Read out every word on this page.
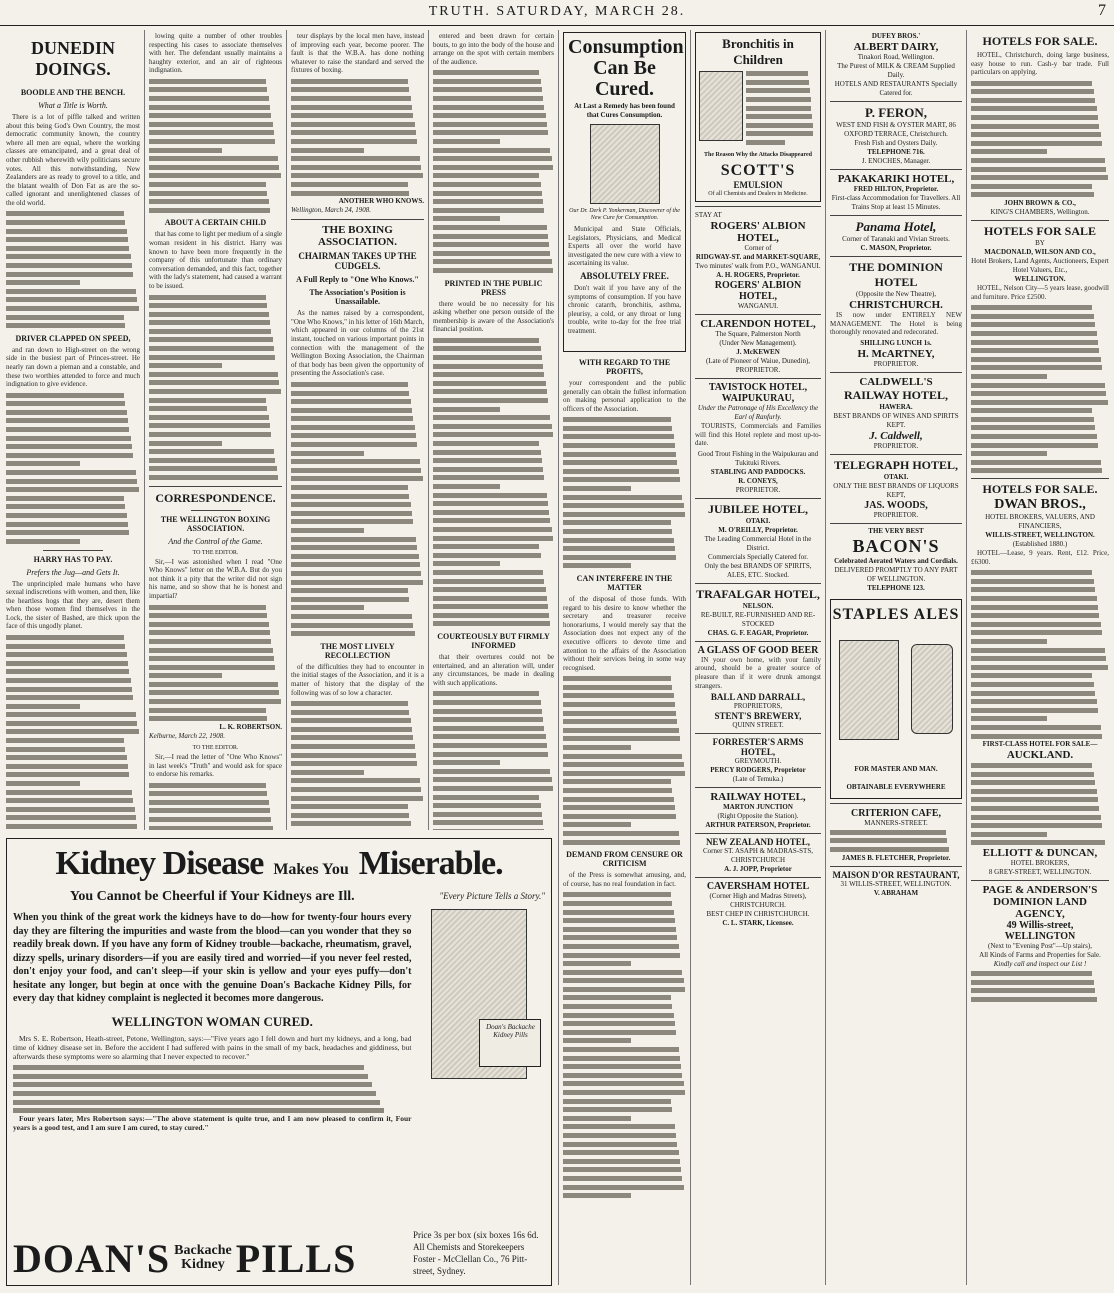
TRUTH. SATURDAY, MARCH 28.	7
DUNEDIN DOINGS.
BOODLE AND THE BENCH.
What a Title is Worth.

There is a lot of piffle talked and written about this being God's Own Country, the most democratic community known, the country where all men are equal, where the working classes are emancipated, and a great deal of other rubbish wherewith wily politicians secure votes. All this notwithstanding, New Zealanders are as ready to grovel to a title, and the blatant wealth of Don Fat as are the so-called ignorant and unenlightened classes of the old world.

DRIVER CLAPPED ON SPEED,

and ran down to High-street on the wrong side in the busiest part of Princes-street. He nearly ran down a pieman and a constable, and these two worthies attended to force and much indignation to give evidence.

HARRY HAS TO PAY.
Prefers the Jug—and Gets It.

The unprincipled male humans who have sexual indiscretions with women, and then, like the heartless hogs that they are, desert them when those women find themselves in the Lock, the sister of Bashed, are thick upon the face of this ungodly planet.

lowing quite a number of other troubles respecting his cases to associate themselves with her. The defendant usually maintains a haughty exterior, and an air of righteous indignation.

ABOUT A CERTAIN CHILD

that has come to light per medium of a single woman resident in his district. Harry was known to have been more frequently in the company of this unfortunate than ordinary conversation demanded, and this fact, together with the lady's statement, had caused a warrant to be issued.

CORRESPONDENCE.
THE WELLINGTON BOXING ASSOCIATION.
And the Control of the Game.
TO THE EDITOR.

Sir,—I was astonished when I read "One Who Knows" letter on the W.B.A. But do you not think it a pity that the writer did not sign his name, and so show that he is honest and impartial?

L. K. ROBERTSON.
Kelburne, March 22, 1908.
TO THE EDITOR.

Sir,—I read the letter of "One Who Knows" in last week's "Truth" and would ask for space to endorse his remarks.

teur displays by the local men have, instead of improving each year, become poorer. The fault is that the W.B.A. has done nothing whatever to raise the standard and served the fixtures of boxing.

ANOTHER WHO KNOWS.
Wellington, March 24, 1908.
THE BOXING ASSOCIATION.
CHAIRMAN TAKES UP THE CUDGELS.
A Full Reply to "One Who Knows."
The Association's Position is Unassailable.

As the names raised by a correspondent, "One Who Knows," in his letter of 16th March, which appeared in our columns of the 21st instant, touched on various important points in connection with the management of the Wellington Boxing Association, the Chairman of that body has been given the opportunity of presenting the Association's case.

THE MOST LIVELY RECOLLECTION

of the difficulties they had to encounter in the initial stages of the Association, and it is a matter of history that the display of the following was of so low a character.

entered and been drawn for certain bouts, to go into the body of the house and arrange on the spot with certain members of the audience.

PRINTED IN THE PUBLIC PRESS

there would be no necessity for his asking whether one person outside of the membership is aware of the Association's financial position.

COURTEOUSLY BUT FIRMLY INFORMED

that their overtures could not be entertained, and an alteration will, under any circumstances, be made in dealing with such applications.

Consumption
Can Be Cured.
At Last a Remedy has been found that Cures Consumption.
Our Dr. Derk P. Yonkerman, Discoverer of the New Cure for Consumption.

Municipal and State Officials, Legislators, Physicians, and Medical Experts all over the world have investigated the new cure with a view to ascertaining its value.

ABSOLUTELY FREE.

Don't wait if you have any of the symptoms of consumption. If you have chronic catarrh, bronchitis, asthma, pleurisy, a cold, or any throat or lung trouble, write to-day for the free trial treatment.

WITH REGARD TO THE PROFITS,

your correspondent and the public generally can obtain the fullest information on making personal application to the officers of the Association.

CAN INTERFERE IN THE MATTER

of the disposal of those funds. With regard to his desire to know whether the secretary and treasurer receive honorariums, I would merely say that the Association does not expect any of the executive officers to devote time and attention to the affairs of the Association without their services being in some way recognised.

DEMAND FROM CENSURE OR CRITICISM

of the Press is somewhat amusing, and, of course, has no real foundation in fact.

Bronchitis in
Children
The Reason Why the Attacks Disappeared
SCOTT'S
EMULSION
Of all Chemists and Dealers in Medicine.
STAY AT
ROGERS' ALBION HOTEL,
Corner of
RIDGWAY-ST. and MARKET-SQUARE,
Two minutes' walk from P.O., WANGANUI.
A. H. ROGERS, Proprietor.
ROGERS' ALBION HOTEL,
WANGANUI.
CLARENDON HOTEL,
The Square, Palmerston North
(Under New Management).
J. McKEWEN
(Late of Pioneer of Waiue, Dunedin), PROPRIETOR.
TAVISTOCK HOTEL,
WAIPUKURAU,
Under the Patronage of His Excellency the Earl of Ranfurly.

TOURISTS, Commercials and Families will find this Hotel replete and most up-to-date.

Good Trout Fishing in the Waipukurau and Tukituki Rivers.
STABLING AND PADDOCKS.
R. CONEYS,
PROPRIETOR.
JUBILEE HOTEL,
OTAKI.
M. O'REILLY, Proprietor.
The Leading Commercial Hotel in the District.
Commercials Specially Catered for.
Only the best BRANDS OF SPIRITS, ALES, ETC. Stocked.
TRAFALGAR HOTEL,
NELSON.
RE-BUILT, RE-FURNISHED AND RE-STOCKED
CHAS. G. F. EAGAR, Proprietor.
A GLASS OF GOOD BEER

IN your own home, with your family around, should be a greater source of pleasure than if it were drunk amongst strangers.

BALL AND DARRALL,
PROPRIETORS,
STENT'S BREWERY,
QUINN STREET.
FORRESTER'S ARMS HOTEL,
GREYMOUTH.
PERCY RODGERS, Proprietor
(Late of Temuka.)
RAILWAY HOTEL,
MARTON JUNCTION
(Right Opposite the Station).
ARTHUR PATERSON, Proprietor.
NEW ZEALAND HOTEL,
Corner ST. ASAPH & MADRAS-STS, CHRISTCHURCH
A. J. JOPP, Proprietor
CAVERSHAM HOTEL
(Corner High and Madras Streets), CHRISTCHURCH.
BEST CHEP IN CHRISTCHURCH.
C. L. STARK, Licensee.
DUFEY BROS.'
ALBERT DAIRY,
Tinakori Road, Wellington.
The Purest of MILK & CREAM Supplied Daily.
HOTELS AND RESTAURANTS Specially Catered for.
P. FERON,
WEST END FISH & OYSTER MART, 86 OXFORD TERRACE, Christchurch.
Fresh Fish and Oysters Daily.
TELEPHONE 716.
J. ENOCHES, Manager.
PAKAKARIKI HOTEL,
FRED HILTON, Proprietor.
First-class Accommodation for Travellers. All Trains Stop at least 15 Minutes.
Panama Hotel,
Corner of Taranaki and Vivian Streets.
C. MASON, Proprietor.
THE DOMINION HOTEL
(Opposite the New Theatre),
CHRISTCHURCH.

IS now under ENTIRELY NEW MANAGEMENT. The Hotel is being thoroughly renovated and redecorated.

SHILLING LUNCH 1s.
H. McARTNEY,
PROPRIETOR.
CALDWELL'S
RAILWAY HOTEL,
HAWERA.
BEST BRANDS OF WINES AND SPIRITS KEPT.
J. Caldwell,
PROPRIETOR.
TELEGRAPH HOTEL,
OTAKI.
ONLY THE BEST BRANDS OF LIQUORS KEPT,
JAS. WOODS,
PROPRIETOR.
THE VERY BEST
BACON'S
Celebrated Aerated Waters and Cordials.
DELIVERED PROMPTLY TO ANY PART OF WELLINGTON.
TELEPHONE 123.
STAPLES ALES
FOR MASTER AND MAN.
OBTAINABLE EVERYWHERE
CRITERION CAFE,
MANNERS-STREET.
JAMES B. FLETCHER, Proprietor.
MAISON D'OR RESTAURANT,
31 WILLIS-STREET, WELLINGTON.
V. ABRAHAM
HOTELS FOR SALE.

HOTEL, Christchurch, doing large business, easy house to run. Cash-y bar trade. Full particulars on applying.

JOHN BROWN & CO.,
KING'S CHAMBERS, Wellington.
HOTELS FOR SALE
BY
MACDONALD, WILSON AND CO.,
Hotel Brokers, Land Agents, Auctioneers, Expert Hotel Valuers, Etc.,
WELLINGTON.

HOTEL, Nelson City—5 years lease, goodwill and furniture. Price £2500.

HOTELS FOR SALE.
DWAN BROS.,
HOTEL BROKERS, VALUERS, AND FINANCIERS,
WILLIS-STREET, WELLINGTON.
(Established 1880.)

HOTEL—Lease, 9 years. Rent, £12. Price, £6300.

FIRST-CLASS HOTEL FOR SALE—
AUCKLAND.
ELLIOTT & DUNCAN,
HOTEL BROKERS,
8 GREY-STREET, WELLINGTON.
PAGE & ANDERSON'S
DOMINION LAND AGENCY,
49 Willis-street,
WELLINGTON
(Next to "Evening Post"—Up stairs),
All Kinds of Farms and Properties for Sale.
Kindly call and inspect our List !
Kidney Disease Makes You Miserable.
You Cannot be Cheerful if Your Kidneys are Ill.
When you think of the great work the kidneys have to do—how for twenty-four hours every day they are filtering the impurities and waste from the blood—can you wonder that they so readily break down. If you have any form of Kidney trouble—backache, rheumatism, gravel, dizzy spells, urinary disorders—if you are easily tired and worried—if you never feel rested, don't enjoy your food, and can't sleep—if your skin is yellow and your eyes puffy—don't hesitate any longer, but begin at once with the genuine Doan's Backache Kidney Pills, for every day that kidney complaint is neglected it becomes more dangerous.
WELLINGTON WOMAN CURED.

Mrs S. E. Robertson, Heath-street, Petone, Wellington, says:—"Five years ago I fell down and hurt my kidneys, and a long, bad time of kidney disease set in. Before the accident I had suffered with pains in the small of my back, headaches and giddiness, but afterwards these symptoms were so alarming that I never expected to recover."

Four years later, Mrs Robertson says:—"The above statement is quite true, and I am now pleased to confirm it, Four years is a good test, and I am sure I am cured, to stay cured."

"Every Picture Tells a Story."
Doan's Backache Kidney Pills
DOAN'S Backache
Kidney PILLS
Price 3s per box (six boxes 16s 6d. All Chemists and Storekeepers
Foster - McClellan Co., 76 Pitt-street, Sydney.
